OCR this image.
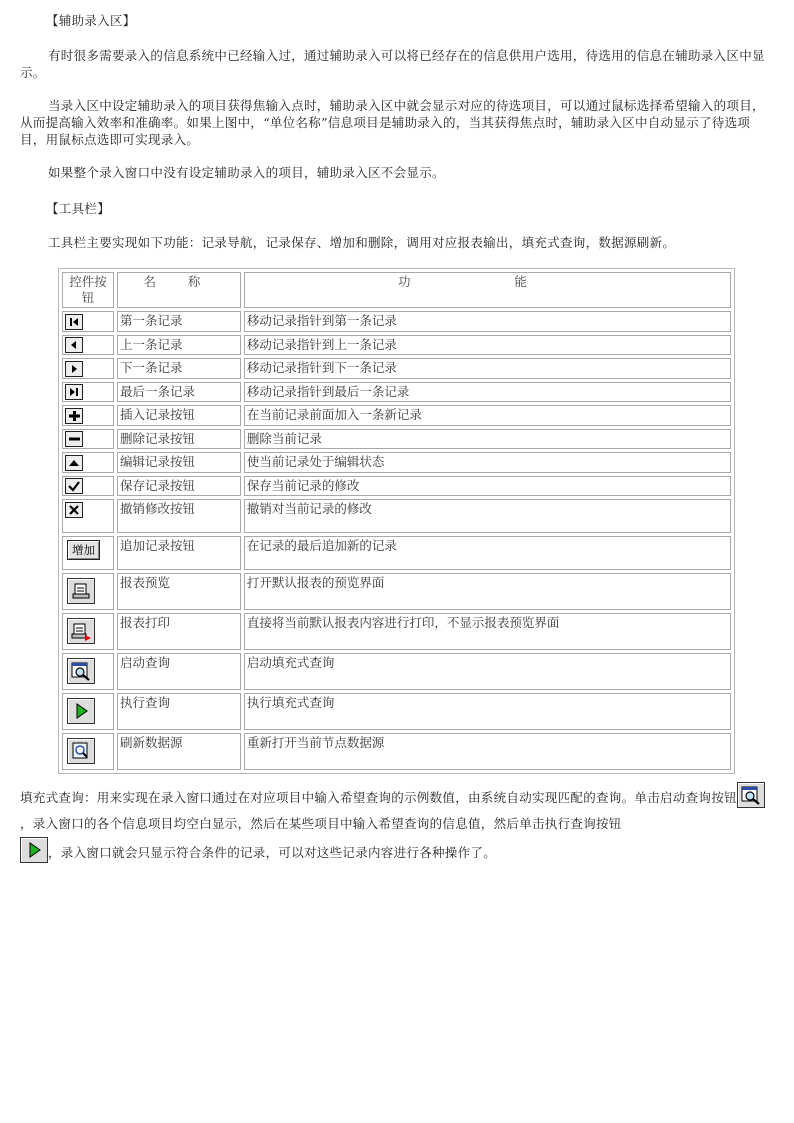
【辅助录入区】

有时很多需要录入的信息系统中已经输入过，通过辅助录入可以将已经存在的信息供用户选用，待选用的信息在辅助录入区中显示。

当录入区中设定辅助录入的项目获得焦输入点时，辅助录入区中就会显示对应的待选项目，可以通过鼠标选择希望输入的项目，从而提高输入效率和准确率。如果上图中，“单位名称”信息项目是辅助录入的，当其获得焦点时，辅助录入区中自动显示了待选项目，用鼠标点选即可实现录入。

如果整个录入窗口中没有设定辅助录入的项目，辅助录入区不会显示。

【工具栏】

工具栏主要实现如下功能：记录导航，记录保存、增加和删除，调用对应报表输出，填充式查询，数据源刷新。

控件按钮	名 称	功 能

	第一条记录	移动记录指针到第一条记录

	上一条记录	移动记录指针到上一条记录

	下一条记录	移动记录指针到下一条记录

	最后一条记录	移动记录指针到最后一条记录

	插入记录按钮	在当前记录前面加入一条新记录

	删除记录按钮	删除当前记录

	编辑记录按钮	使当前记录处于编辑状态

	保存记录按钮	保存当前记录的修改

	撤销修改按钮	撤销对当前记录的修改
增加	追加记录按钮	在记录的最后追加新的记录

	报表预览	打开默认报表的预览界面

	报表打印	直接将当前默认报表内容进行打印，不显示报表预览界面

	启动查询	启动填充式查询

	执行查询	执行填充式查询

	刷新数据源	重新打开当前节点数据源

填充式查询：用来实现在录入窗口通过在对应项目中输入希望查询的示例数值，由系统自动实现匹配的查询。单击启动查询按钮
，录入窗口的各个信息项目均空白显示，然后在某些项目中输入希望查询的信息值，然后单击执行查询按钮

，录入窗口就会只显示符合条件的记录，可以对这些记录内容进行各种操作了。
